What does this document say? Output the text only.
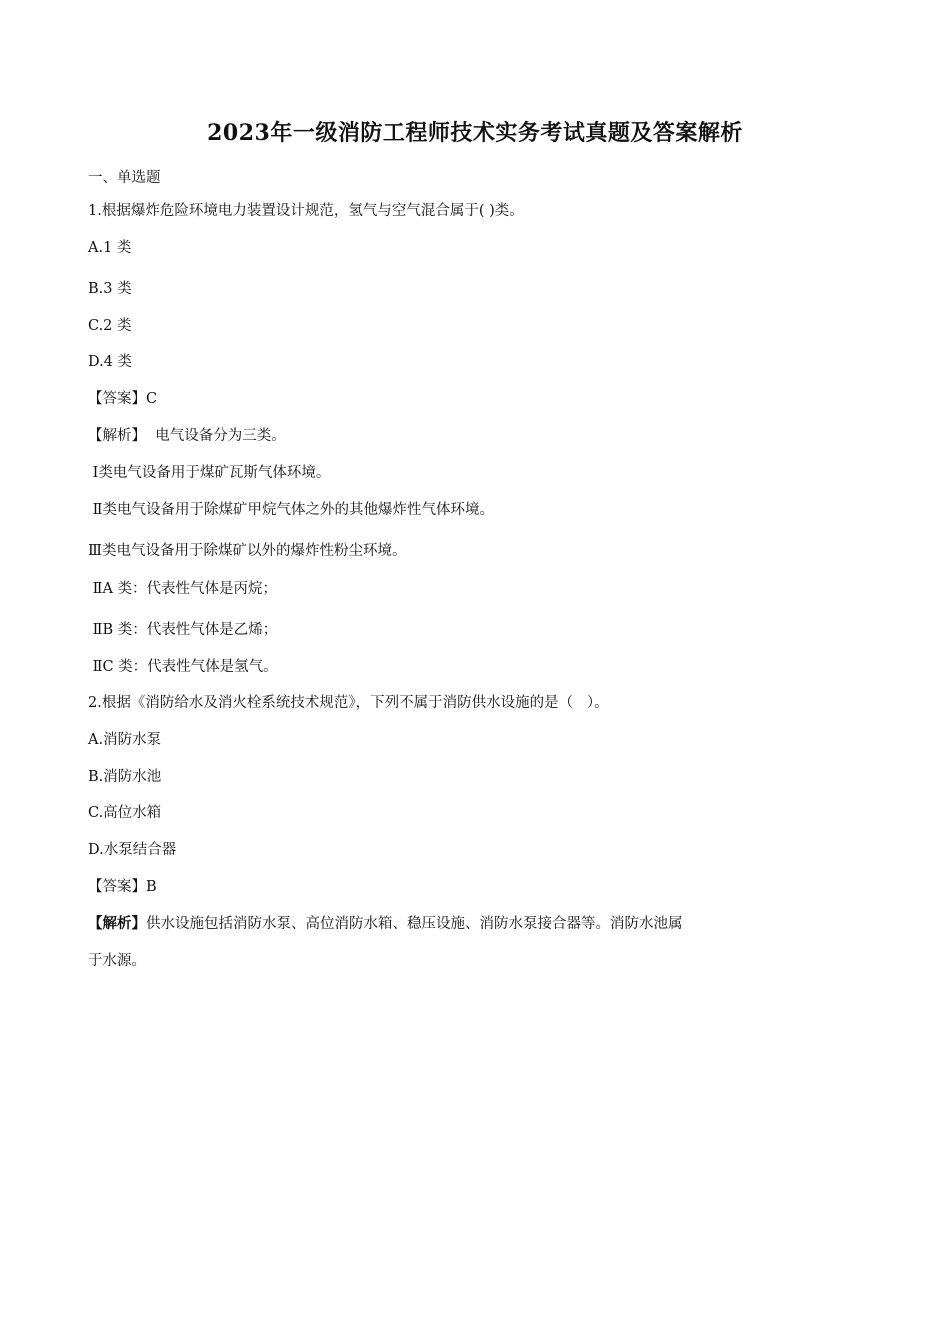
2023年一级消防工程师技术实务考试真题及答案解析
一、单选题
1.根据爆炸危险环境电力装置设计规范，氢气与空气混合属于( )类。
A.1 类
B.3 类
C.2 类
D.4 类
【答案】C
【解析】  电气设备分为三类。
Ⅰ类电气设备用于煤矿瓦斯气体环境。
Ⅱ类电气设备用于除煤矿甲烷气体之外的其他爆炸性气体环境。
Ⅲ类电气设备用于除煤矿以外的爆炸性粉尘环境。
ⅡA 类：代表性气体是丙烷；
ⅡB 类：代表性气体是乙烯；
ⅡC 类：代表性气体是氢气。
2.根据《消防给水及消火栓系统技术规范》，下列不属于消防供水设施的是（   ）。
A.消防水泵
B.消防水池
C.高位水箱
D.水泵结合器
【答案】B
【解析】供水设施包括消防水泵、高位消防水箱、稳压设施、消防水泵接合器等。消防水池属
于水源。
